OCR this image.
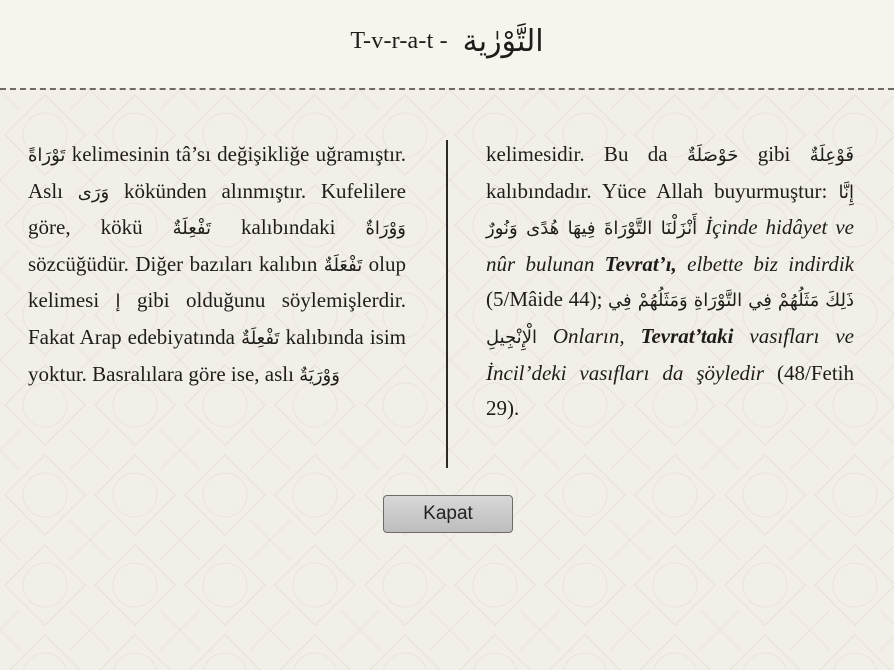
T-v-r-a-t - التَّوْرٰية

تَوْرَاةً kelimesinin tâ’sı değişikliğe uğramıştır. Aslı وَرَى kökünden alınmıştır. Kufelilere göre, kökü تَفْعِلَةٌ kalıbındaki وَوْرَاةٌ sözcüğüdür. Diğer bazıları kalıbın تَفْعَلَةٌ olup kelimesi إ gibi olduğunu söylemişlerdir. Fakat Arap edebiyatında تَفْعِلَةٌ kalıbında isim yoktur. Basralılara göre ise, aslı وَوْرَيَةٌ

kelimesidir. Bu da حَوْصَلَةٌ gibi فَوْعِلَةٌ kalıbındadır. Yüce Allah buyurmuştur: إِنَّا أَنْزَلْنَا التَّوْرَاةَ فِيهَا هُدًى وَنُورٌ İçinde hidâyet ve nûr bulunan Tevrat’ı, elbette biz indirdik (5/Mâide 44); ذَلِكَ مَثَلُهُمْ فِي التَّوْرَاةِ وَمَثَلُهُمْ فِي الْإِنْجِيلِ Onların, Tevrat’taki vasıfları ve İncil’deki vasıfları da şöyledir (48/Fetih 29).

Kapat
